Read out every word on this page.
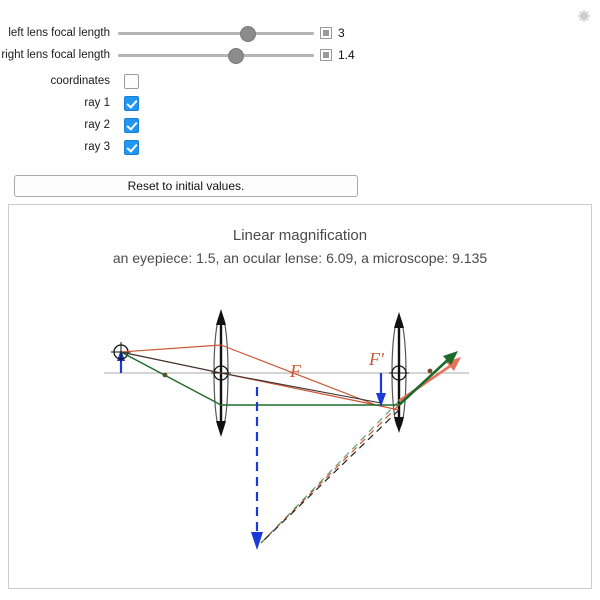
left lens focal length	3
right lens focal length	1.4
coordinates
ray 1
ray 2
ray 3
Reset to initial values.
Linear magnification
an eyepiece: 1.5, an ocular lense: 6.09, a microscope: 9.135
F
F'
